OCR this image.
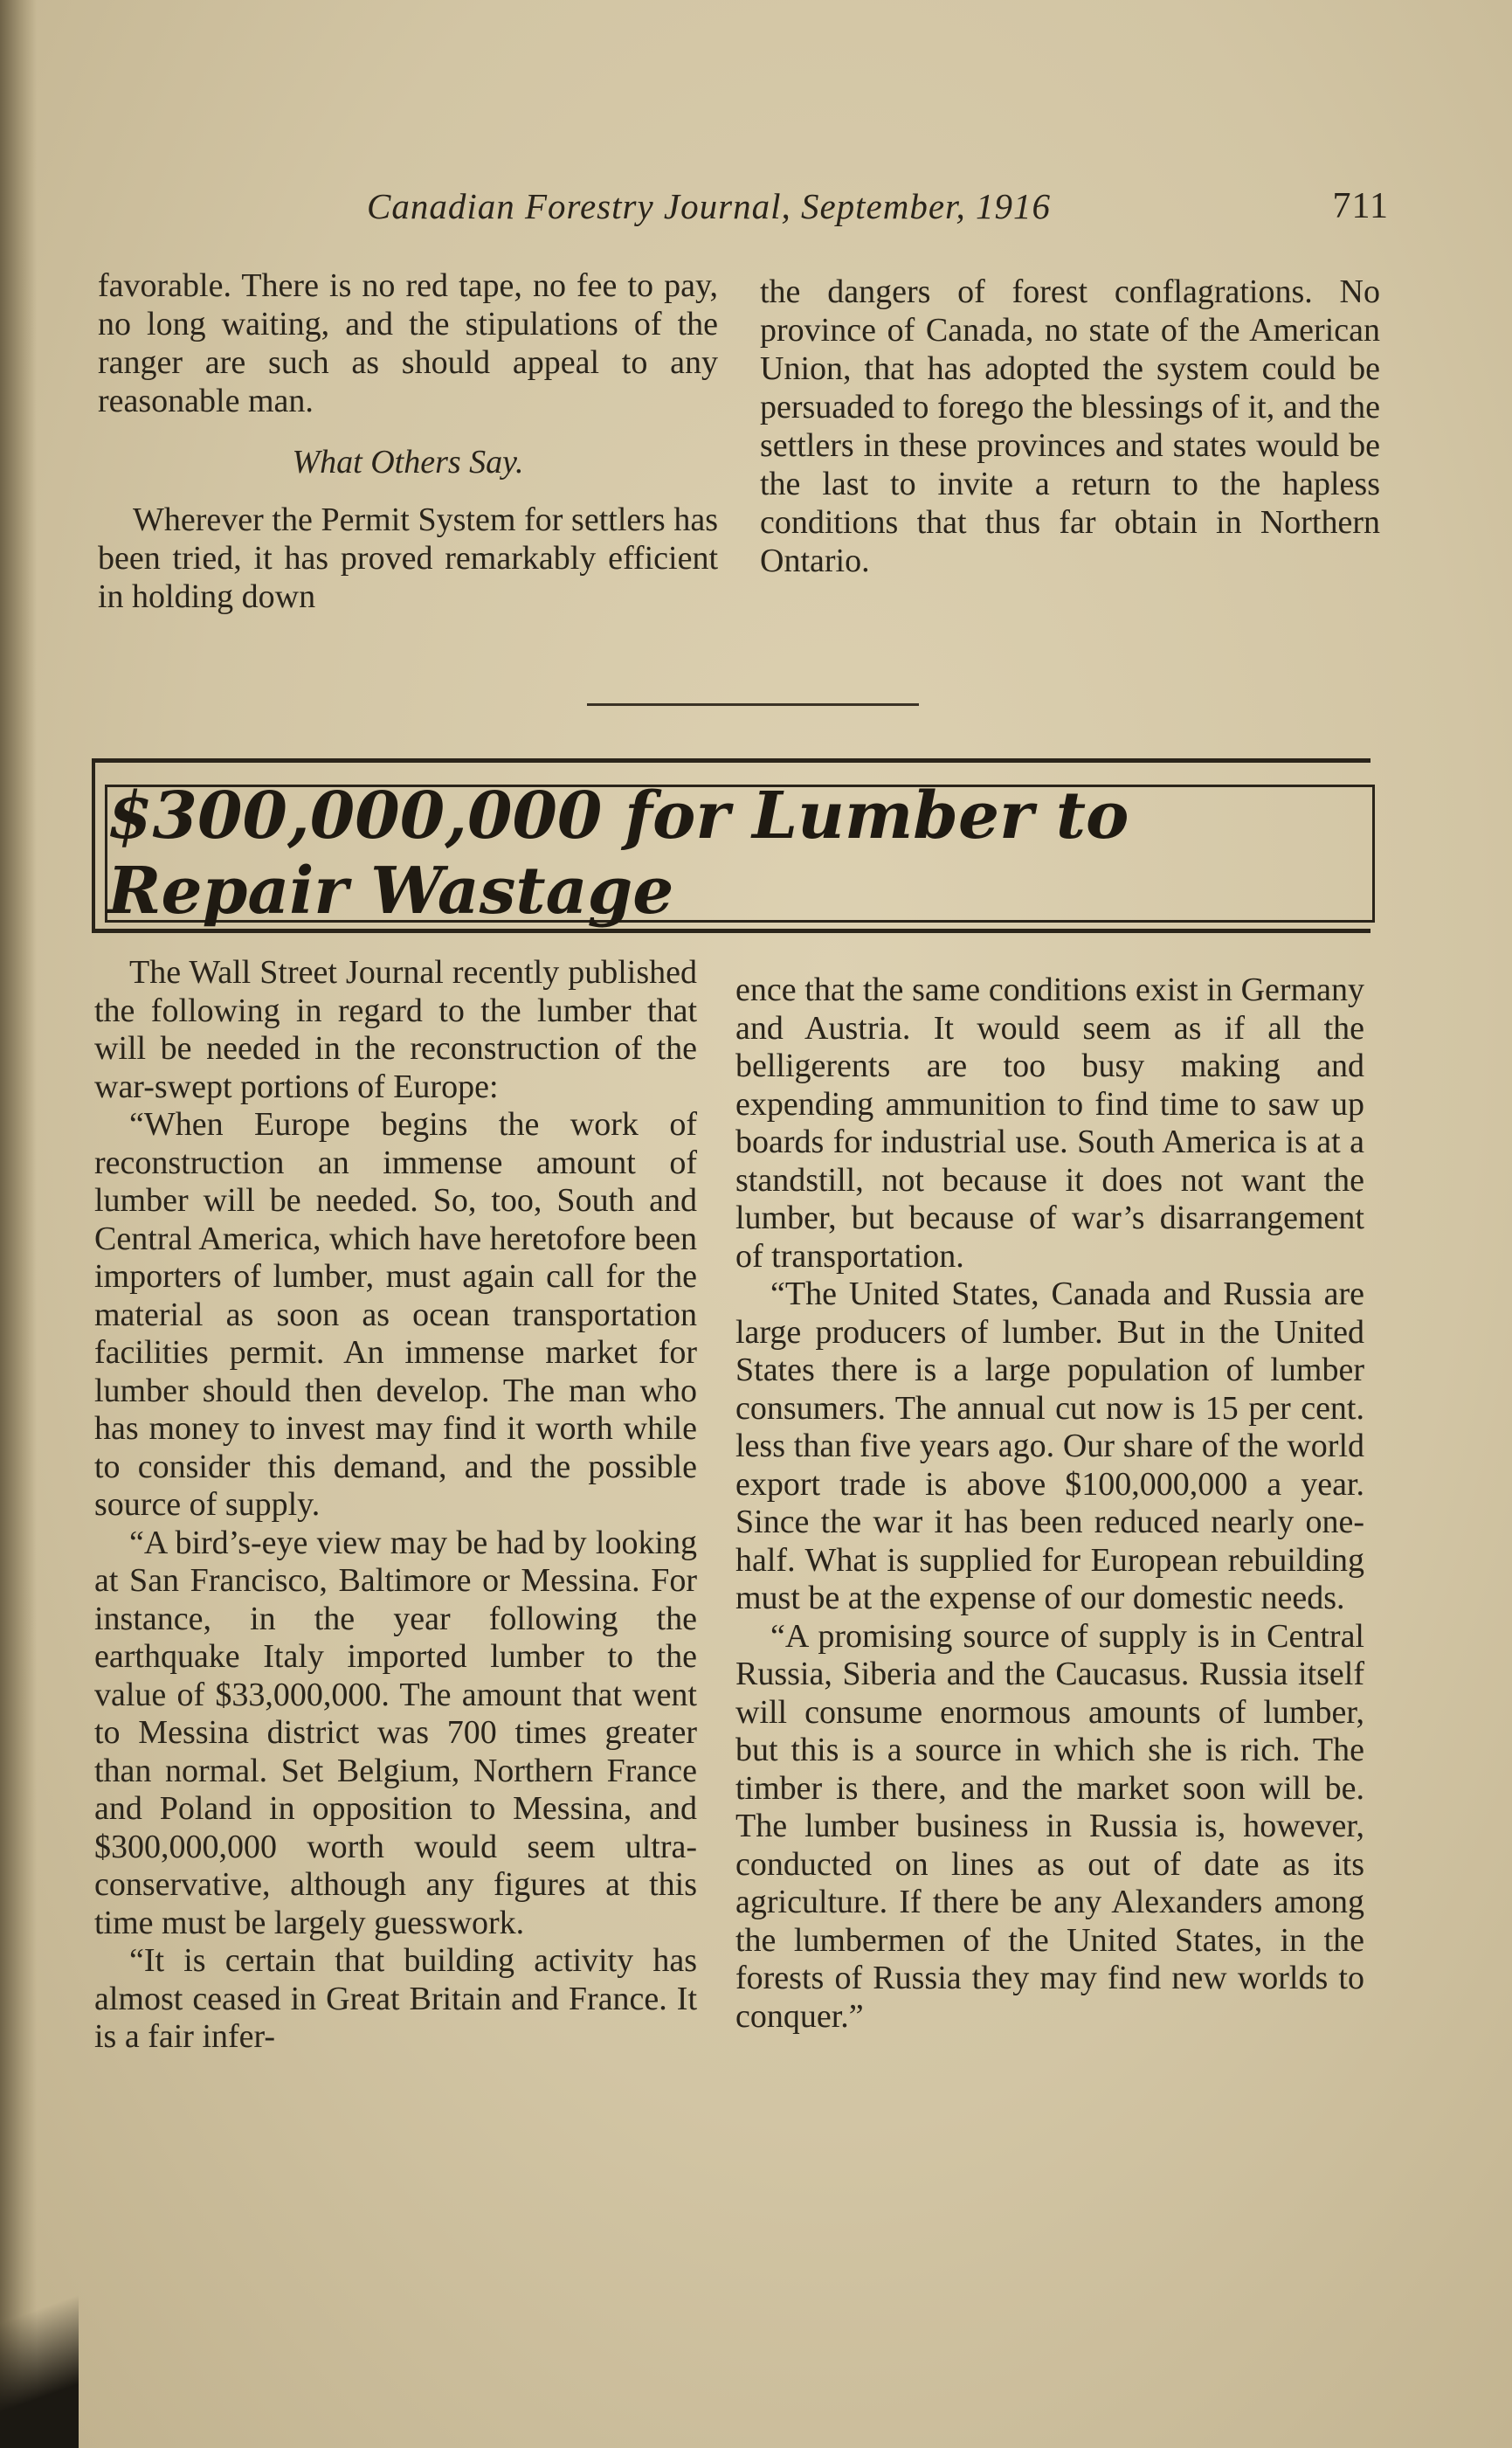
Canadian Forestry Journal, September, 1916	711

favorable. There is no red tape, no fee to pay, no long waiting, and the stipulations of the ranger are such as should appeal to any reasonable man.

What Others Say.

Wherever the Permit System for settlers has been tried, it has proved remarkably efficient in holding down

the dangers of forest conflagrations. No province of Canada, no state of the American Union, that has adopted the system could be persuaded to forego the blessings of it, and the settlers in these provinces and states would be the last to invite a return to the hapless conditions that thus far obtain in Northern Ontario.

$300,000,000 for Lumber to Repair Wastage

The Wall Street Journal recently published the following in regard to the lumber that will be needed in the reconstruction of the war-swept portions of Europe:

“When Europe begins the work of reconstruction an immense amount of lumber will be needed. So, too, South and Central America, which have heretofore been importers of lumber, must again call for the material as soon as ocean transportation facilities permit. An immense market for lumber should then develop. The man who has money to invest may find it worth while to consider this demand, and the possible source of supply.

“A bird’s-eye view may be had by looking at San Francisco, Baltimore or Messina. For instance, in the year following the earthquake Italy imported lumber to the value of $33,000,000. The amount that went to Messina district was 700 times greater than normal. Set Belgium, Northern France and Poland in opposition to Messina, and $300,000,000 worth would seem ultra-conservative, although any figures at this time must be largely guesswork.

“It is certain that building activity has almost ceased in Great Britain and France. It is a fair infer-

ence that the same conditions exist in Germany and Austria. It would seem as if all the belligerents are too busy making and expending ammunition to find time to saw up boards for industrial use. South America is at a standstill, not because it does not want the lumber, but because of war’s disarrangement of transportation.

“The United States, Canada and Russia are large producers of lumber. But in the United States there is a large population of lumber consumers. The annual cut now is 15 per cent. less than five years ago. Our share of the world export trade is above $100,000,000 a year. Since the war it has been reduced nearly one-half. What is supplied for European rebuilding must be at the expense of our domestic needs.

“A promising source of supply is in Central Russia, Siberia and the Caucasus. Russia itself will consume enormous amounts of lumber, but this is a source in which she is rich. The timber is there, and the market soon will be. The lumber business in Russia is, however, conducted on lines as out of date as its agriculture. If there be any Alexanders among the lumbermen of the United States, in the forests of Russia they may find new worlds to conquer.”
